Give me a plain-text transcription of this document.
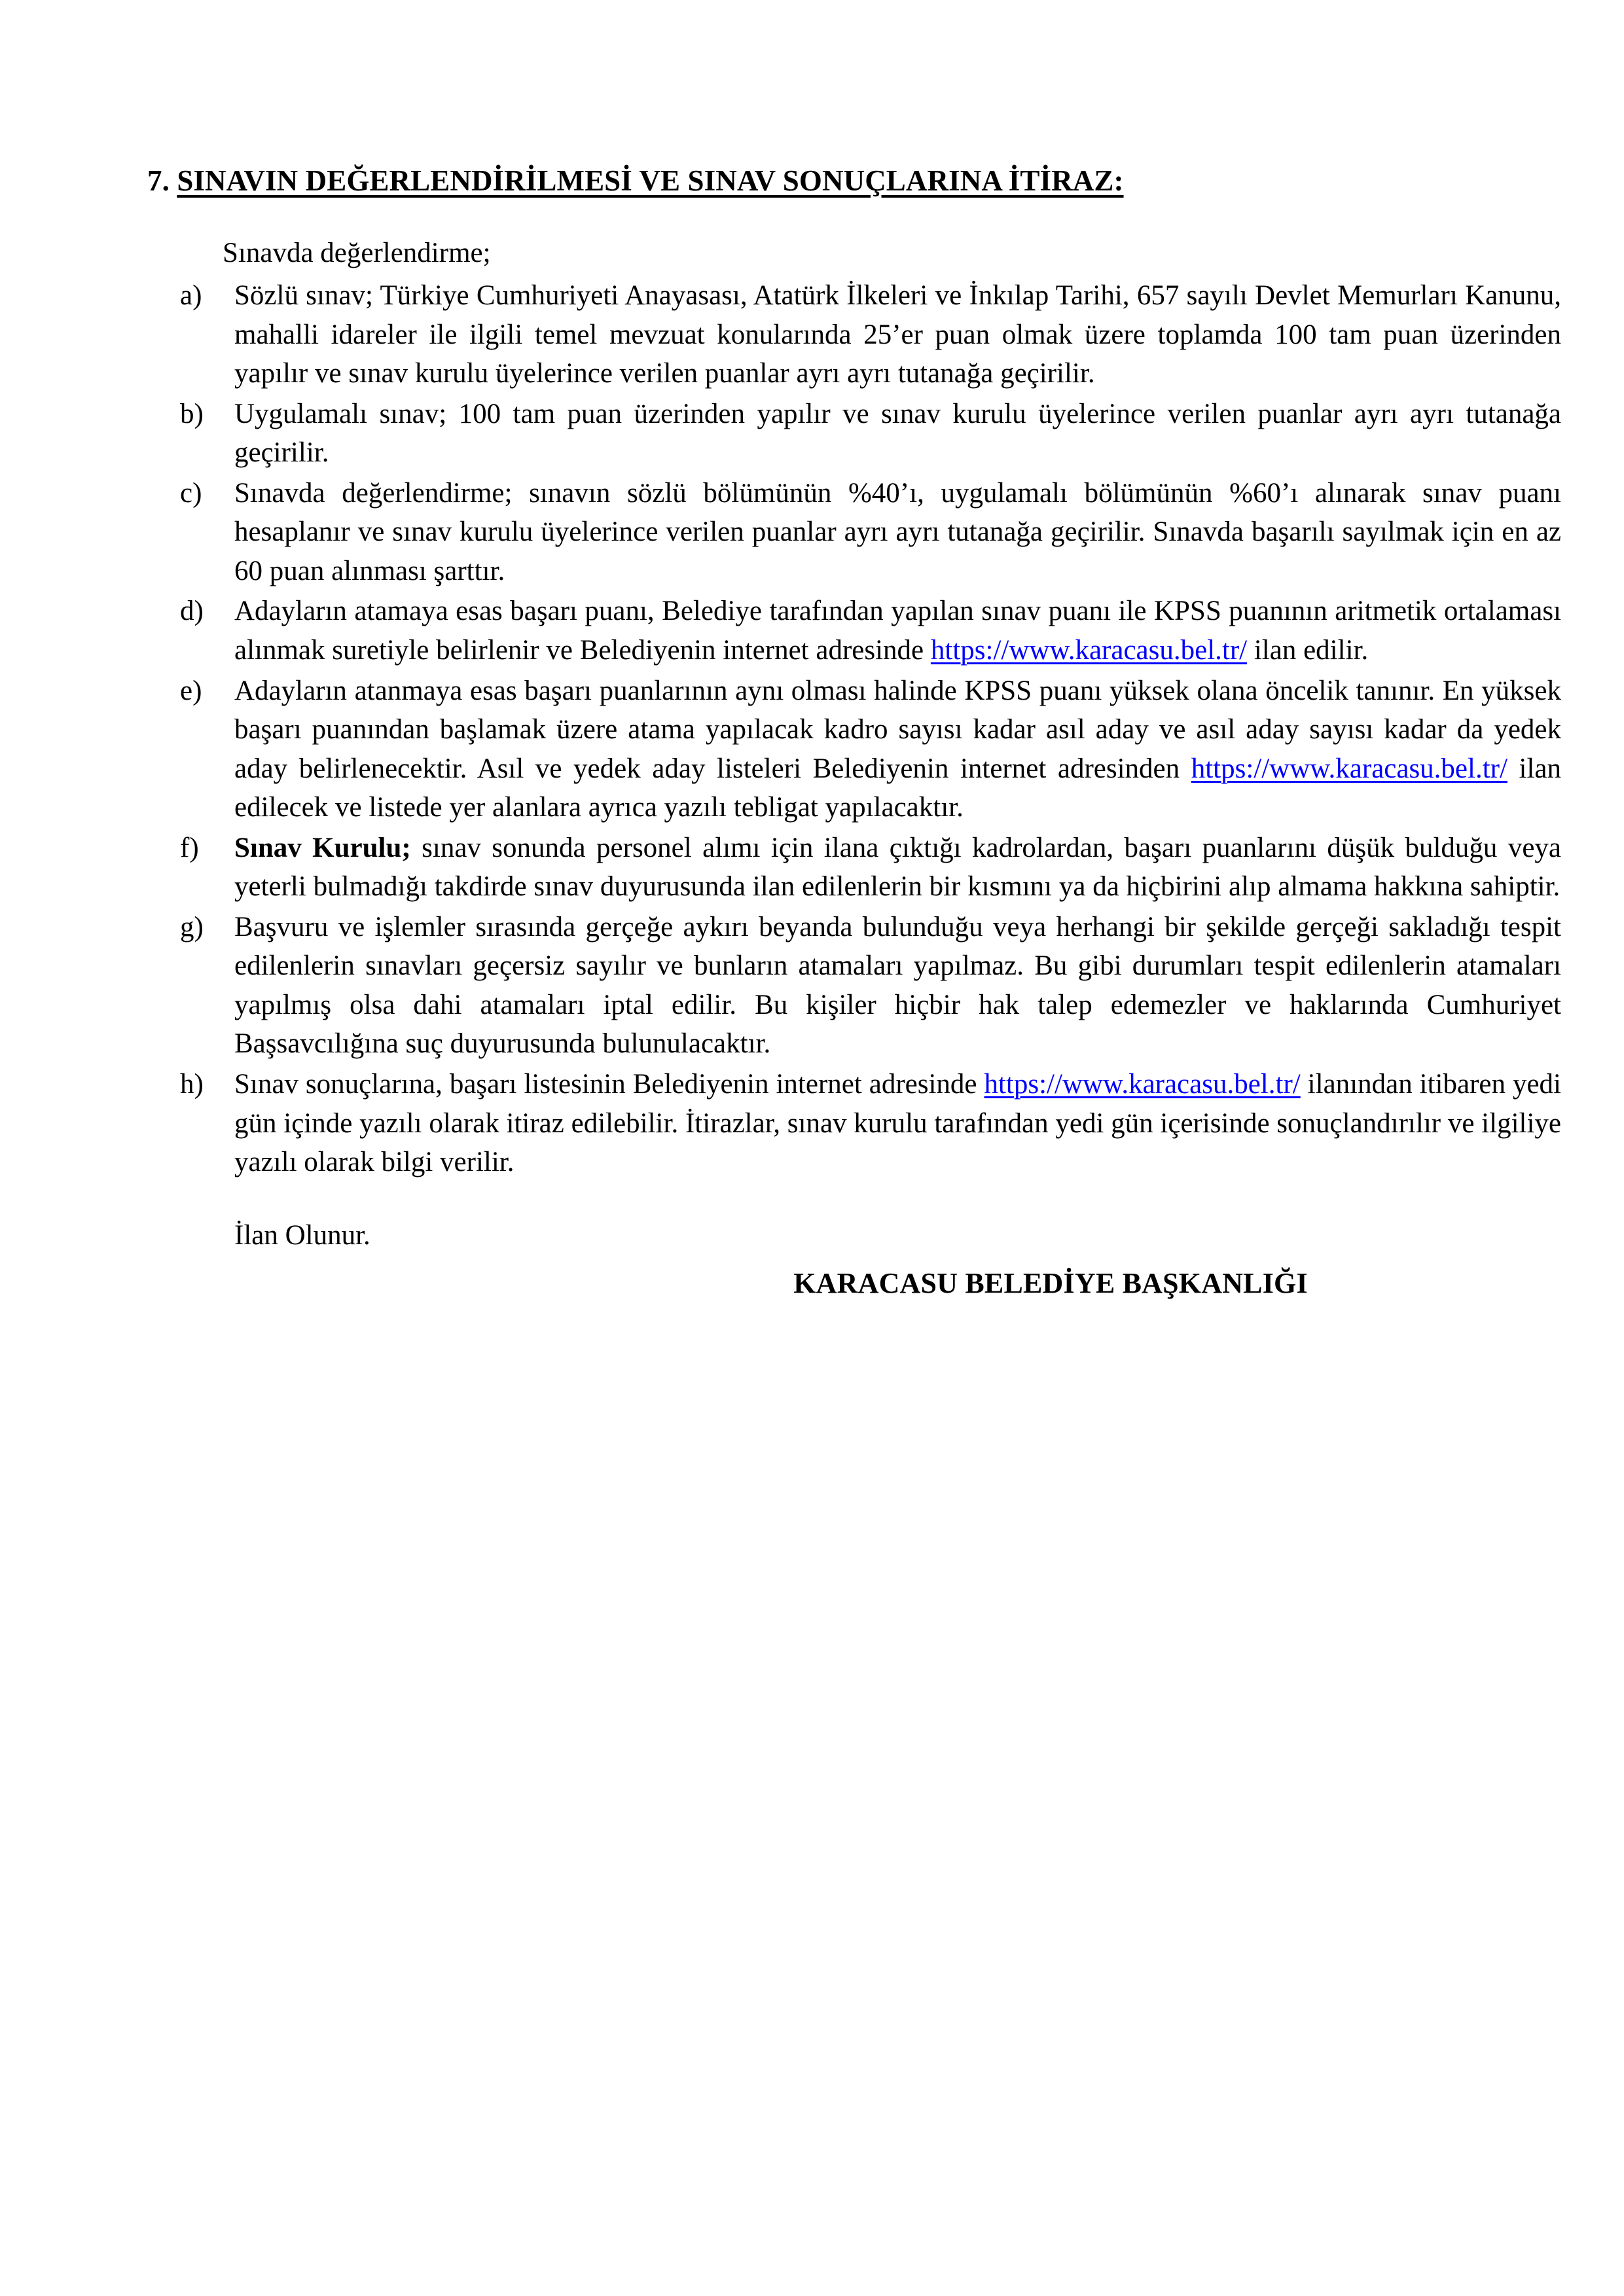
7. SINAVIN DEĞERLENDİRİLMESİ VE SINAV SONUÇLARINA İTİRAZ:

Sınavda değerlendirme;

a)	Sözlü sınav; Türkiye Cumhuriyeti Anayasası, Atatürk İlkeleri ve İnkılap Tarihi, 657 sayılı Devlet Memurları Kanunu, mahalli idareler ile ilgili temel mevzuat konularında 25’er puan olmak üzere toplamda 100 tam puan üzerinden yapılır ve sınav kurulu üyelerince verilen puanlar ayrı ayrı tutanağa geçirilir.
b)	Uygulamalı sınav; 100 tam puan üzerinden yapılır ve sınav kurulu üyelerince verilen puanlar ayrı ayrı tutanağa geçirilir.
c)	Sınavda değerlendirme; sınavın sözlü bölümünün %40’ı, uygulamalı bölümünün %60’ı alınarak sınav puanı hesaplanır ve sınav kurulu üyelerince verilen puanlar ayrı ayrı tutanağa geçirilir. Sınavda başarılı sayılmak için en az 60 puan alınması şarttır.
d)	Adayların atamaya esas başarı puanı, Belediye tarafından yapılan sınav puanı ile KPSS puanının aritmetik ortalaması alınmak suretiyle belirlenir ve Belediyenin internet adresinde https://www.karacasu.bel.tr/ ilan edilir.
e)	Adayların atanmaya esas başarı puanlarının aynı olması halinde KPSS puanı yüksek olana öncelik tanınır. En yüksek başarı puanından başlamak üzere atama yapılacak kadro sayısı kadar asıl aday ve asıl aday sayısı kadar da yedek aday belirlenecektir. Asıl ve yedek aday listeleri Belediyenin internet adresinden https://www.karacasu.bel.tr/ ilan edilecek ve listede yer alanlara ayrıca yazılı tebligat yapılacaktır.
f)	Sınav Kurulu; sınav sonunda personel alımı için ilana çıktığı kadrolardan, başarı puanlarını düşük bulduğu veya yeterli bulmadığı takdirde sınav duyurusunda ilan edilenlerin bir kısmını ya da hiçbirini alıp almama hakkına sahiptir.
g)	Başvuru ve işlemler sırasında gerçeğe aykırı beyanda bulunduğu veya herhangi bir şekilde gerçeği sakladığı tespit edilenlerin sınavları geçersiz sayılır ve bunların atamaları yapılmaz. Bu gibi durumları tespit edilenlerin atamaları yapılmış olsa dahi atamaları iptal edilir. Bu kişiler hiçbir hak talep edemezler ve haklarında Cumhuriyet Başsavcılığına suç duyurusunda bulunulacaktır.
h)	Sınav sonuçlarına, başarı listesinin Belediyenin internet adresinde https://www.karacasu.bel.tr/ ilanından itibaren yedi gün içinde yazılı olarak itiraz edilebilir. İtirazlar, sınav kurulu tarafından yedi gün içerisinde sonuçlandırılır ve ilgiliye yazılı olarak bilgi verilir.
İlan Olunur.
KARACASU BELEDİYE BAŞKANLIĞI
